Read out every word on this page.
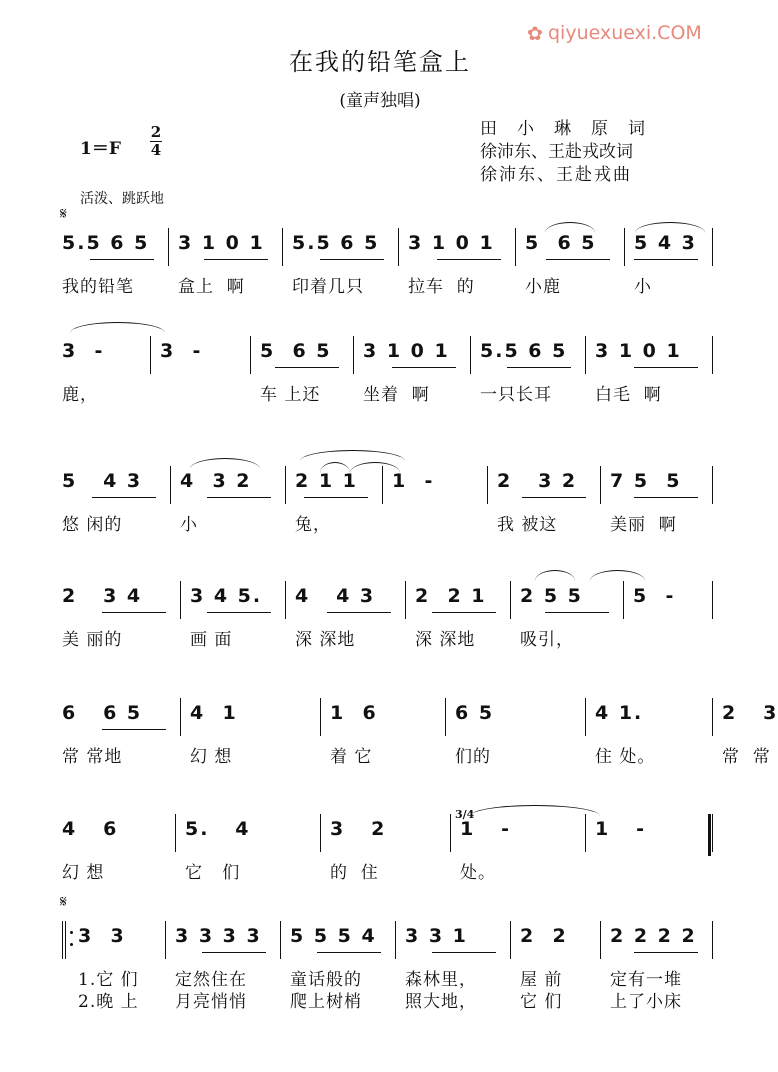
✿ qiyuexuexi.COM
在我的铅笔盒上
(童声独唱)
1＝F
2
4
田小琳原词
徐沛东、王赴戎改词
徐沛东、王赴戎曲
活泼、跳跃地
𝄋
5.5 6 5
我的铅笔
3 1 0 1
盒上  啊
5.5 6 5
印着几只
3 1 0 1
拉车  的
5  6 5
小鹿
5 4 3
小
3  -
鹿，
3  -	5  6 5
车 上还
3 1 0 1
坐着  啊
5.5 6 5
一只长耳
3 1 0 1
白毛  啊
5   4 3
悠 闲的
4  3 2
小
2 1 1
兔，
1  -	2   3 2
我 被这
7 5  5
美丽  啊
2   3 4
美 丽的
3 4 5.
画 面
4   4 3
深 深地
2  2 1
深 深地
2 5 5
吸引，
5  -
6   6 5
常 常地
4  1
幻 想
1  6
着 它
6 5
们的
4 1.
住 处。
2   3
常  常
4   6
幻 想
5.   4
它   们
3   2
的  住
1   -
处。
1   -
3  3
1.它 们
2.晚 上
3 3 3 3
定然住在
月亮悄悄
5 5 5 4
童话般的
爬上树梢
3 3 1
森林里，
照大地，
2  2
屋 前
它 们
2 2 2 2
定有一堆
上了小床
𝄋
3/4
